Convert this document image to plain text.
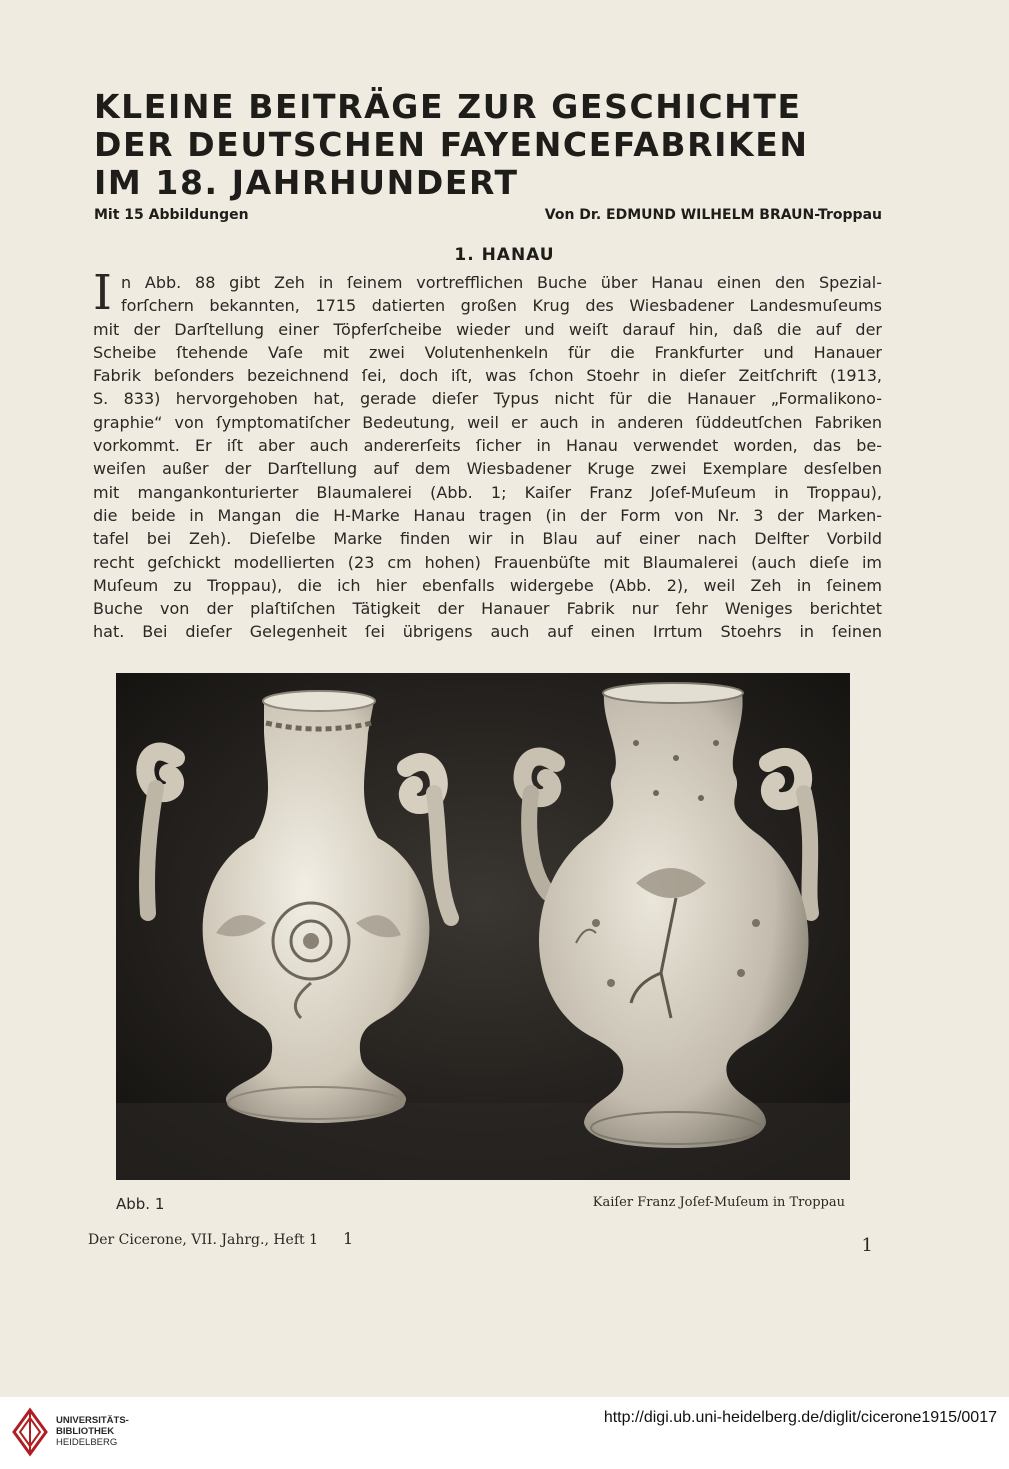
KLEINE BEITRÄGE ZUR GESCHICHTE
DER DEUTSCHEN FAYENCEFABRIKEN
IM 18. JAHRHUNDERT
Mit 15 Abbildungen	Von Dr. EDMUND WILHELM BRAUN-Troppau
1. HANAU
I n Abb. 88 gibt Zeh in ſeinem vortrefflichen Buche über Hanau einen den Spezial-
forſchern bekannten, 1715 datierten großen Krug des Wiesbadener Landesmuſeums
mit der Darſtellung einer Töpferſcheibe wieder und weiſt darauf hin, daß die auf der
Scheibe ſtehende Vaſe mit zwei Volutenhenkeln für die Frankfurter und Hanauer
Fabrik beſonders bezeichnend ſei, doch iſt, was ſchon Stoehr in dieſer Zeitſchrift (1913,
S. 833) hervorgehoben hat, gerade dieſer Typus nicht für die Hanauer „Formalikono-
graphie“ von ſymptomatiſcher Bedeutung, weil er auch in anderen ſüddeutſchen Fabriken
vorkommt. Er iſt aber auch andererſeits ſicher in Hanau verwendet worden, das be-
weiſen außer der Darſtellung auf dem Wiesbadener Kruge zwei Exemplare desſelben
mit mangankonturierter Blaumalerei (Abb. 1; Kaiſer Franz Joſef-Muſeum in Troppau),
die beide in Mangan die H-Marke Hanau tragen (in der Form von Nr. 3 der Marken-
tafel bei Zeh). Dieſelbe Marke finden wir in Blau auf einer nach Delfter Vorbild
recht geſchickt modellierten (23 cm hohen) Frauenbüſte mit Blaumalerei (auch dieſe im
Muſeum zu Troppau), die ich hier ebenfalls widergebe (Abb. 2), weil Zeh in ſeinem
Buche von der plaſtiſchen Tätigkeit der Hanauer Fabrik nur ſehr Weniges berichtet
hat. Bei dieſer Gelegenheit ſei übrigens auch auf einen Irrtum Stoehrs in ſeinen
Abb. 1	Kaiſer Franz Joſef-Muſeum in Troppau
Der Cicerone, VII. Jahrg., Heft 1 1	1
UNIVERSITÄTS-
BIBLIOTHEK
HEIDELBERG
http://digi.ub.uni-heidelberg.de/diglit/cicerone1915/0017
